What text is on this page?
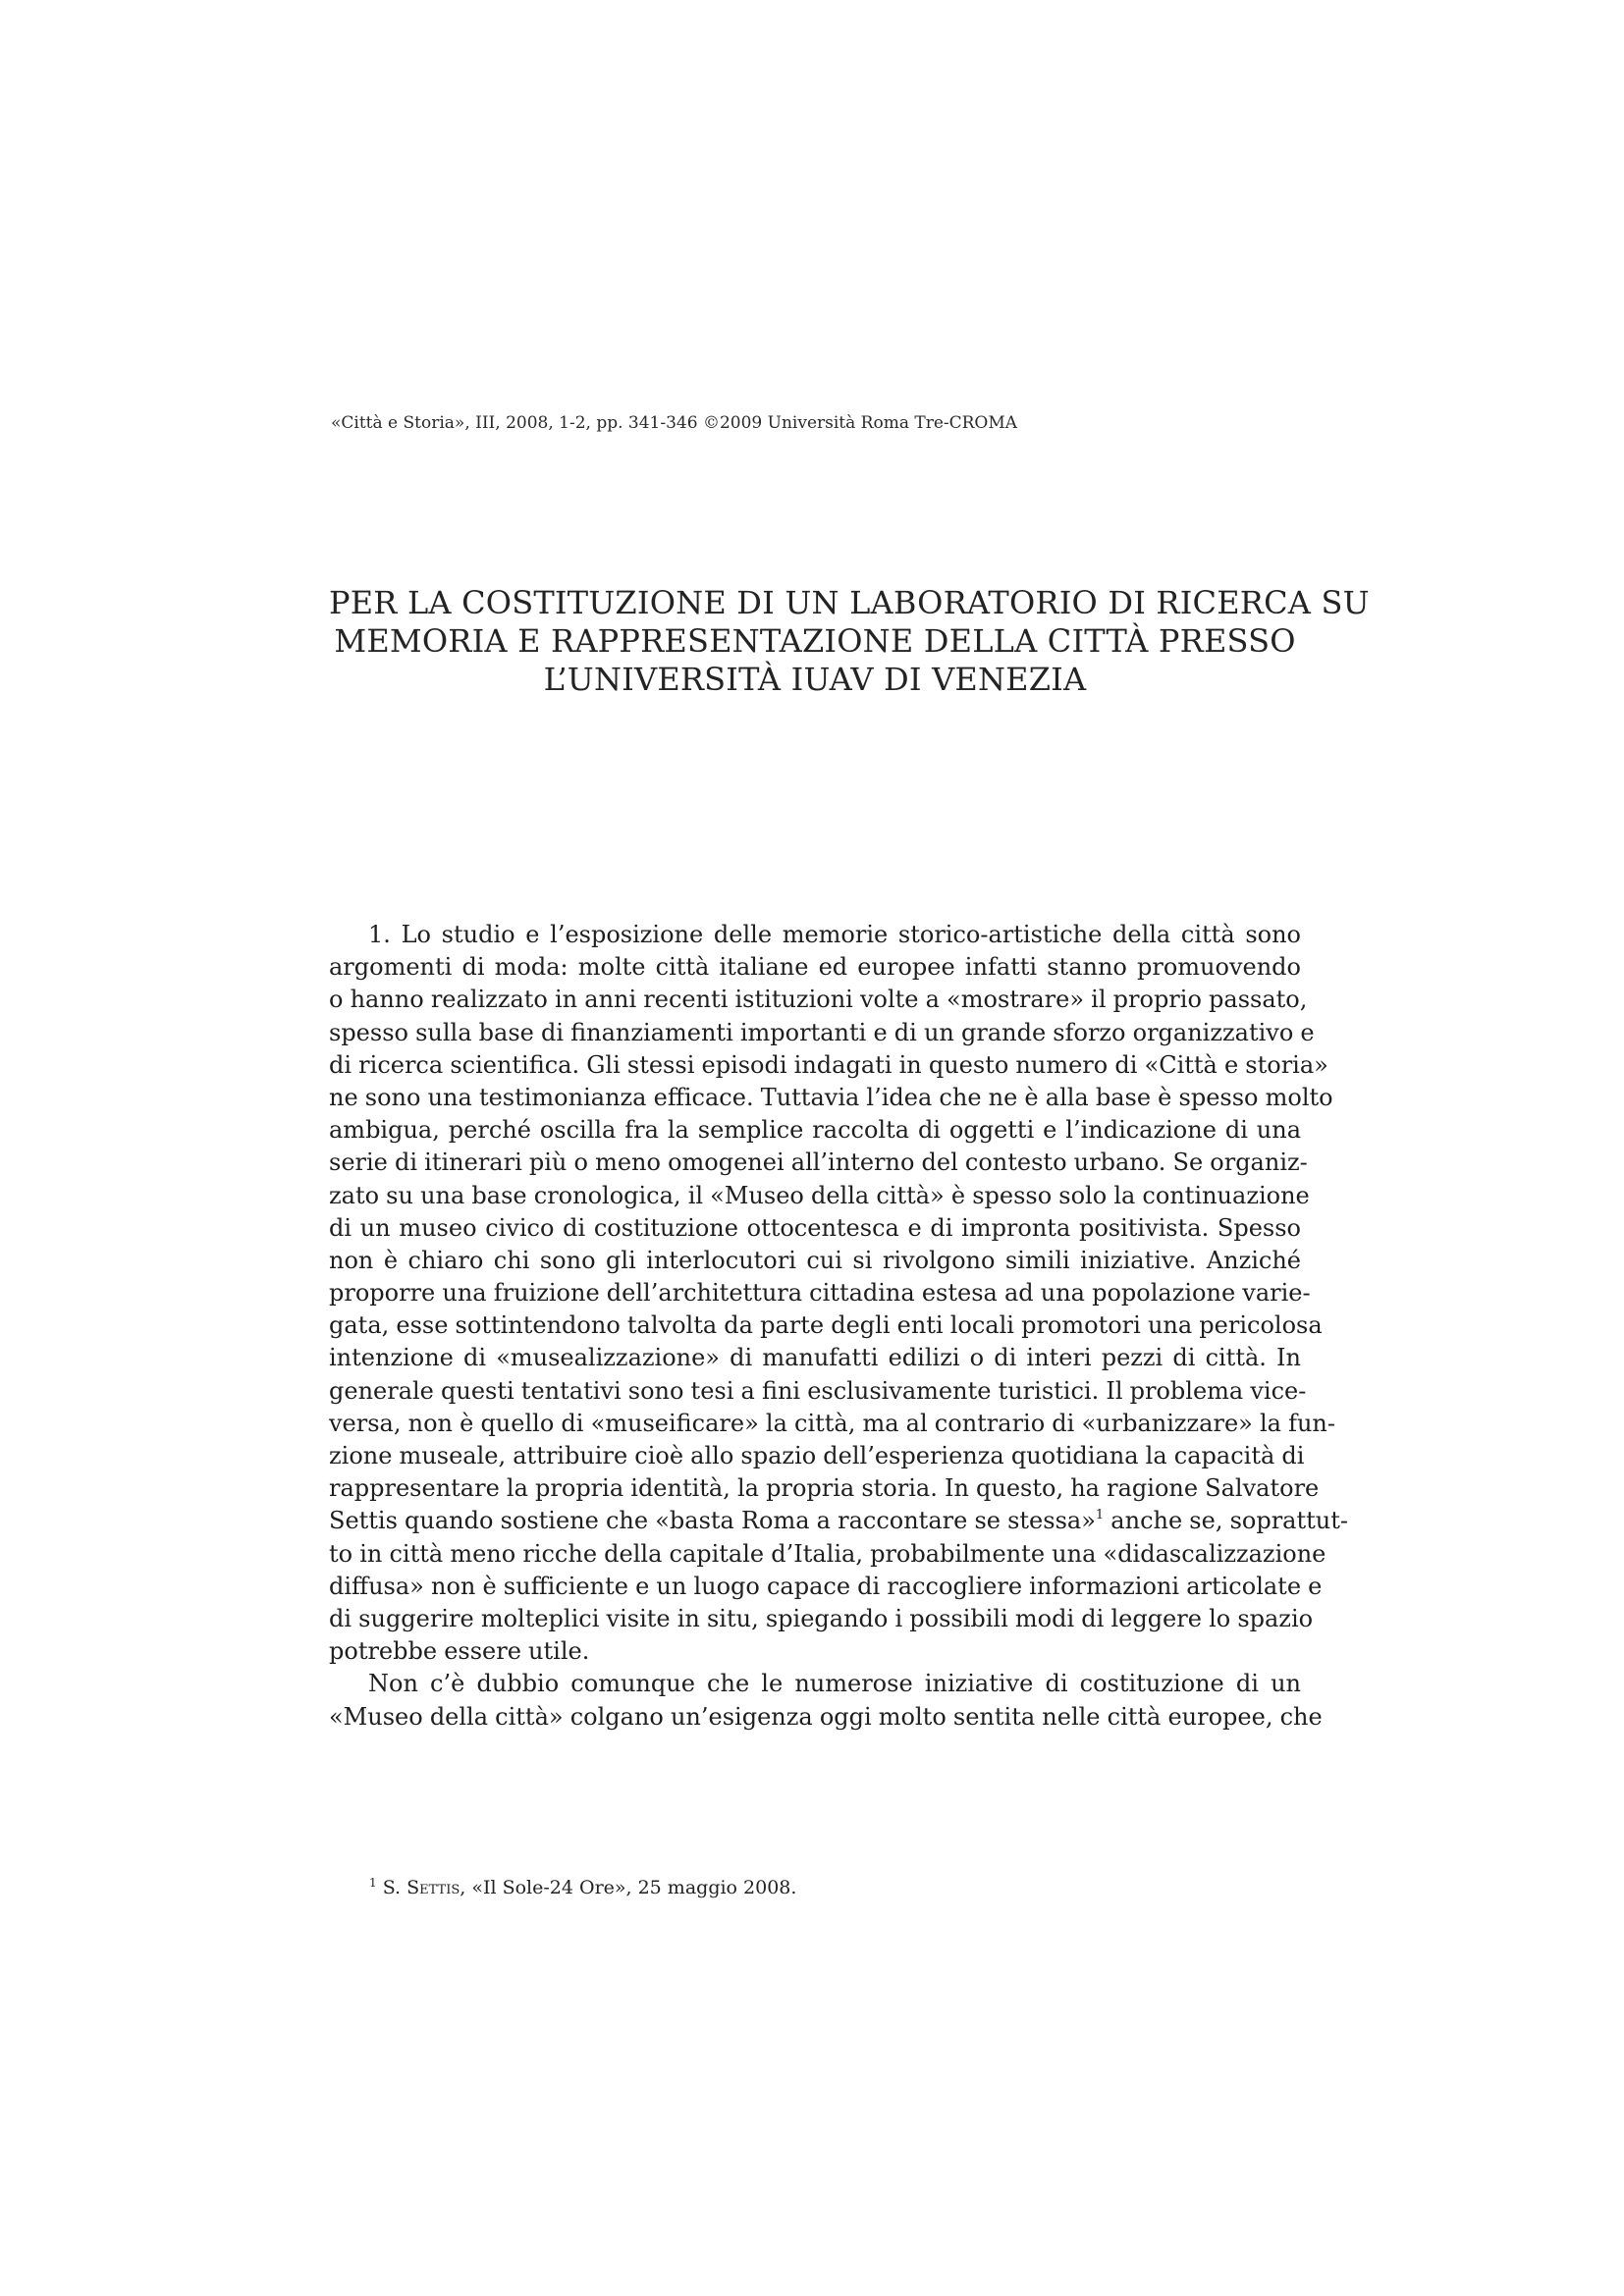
«Città e Storia», III, 2008, 1-2, pp. 341-346 ©2009 Università Roma Tre-CROMA
PER LA COSTITUZIONE DI UN LABORATORIO DI RICERCA SU
MEMORIA E RAPPRESENTAZIONE DELLA CITTÀ PRESSO
L’UNIVERSITÀ IUAV DI VENEZIA
1. Lo studio e l’esposizione delle memorie storico-artistiche della città sono
argomenti di moda: molte città italiane ed europee infatti stanno promuovendo
o hanno realizzato in anni recenti istituzioni volte a «mostrare» il proprio passato,
spesso sulla base di finanziamenti importanti e di un grande sforzo organizzativo e
di ricerca scientifica. Gli stessi episodi indagati in questo numero di «Città e storia»
ne sono una testimonianza efficace. Tuttavia l’idea che ne è alla base è spesso molto
ambigua, perché oscilla fra la semplice raccolta di oggetti e l’indicazione di una
serie di itinerari più o meno omogenei all’interno del contesto urbano. Se organiz-
zato su una base cronologica, il «Museo della città» è spesso solo la continuazione
di un museo civico di costituzione ottocentesca e di impronta positivista. Spesso
non è chiaro chi sono gli interlocutori cui si rivolgono simili iniziative. Anziché
proporre una fruizione dell’architettura cittadina estesa ad una popolazione varie-
gata, esse sottintendono talvolta da parte degli enti locali promotori una pericolosa
intenzione di «musealizzazione» di manufatti edilizi o di interi pezzi di città. In
generale questi tentativi sono tesi a fini esclusivamente turistici. Il problema vice-
versa, non è quello di «museificare» la città, ma al contrario di «urbanizzare» la fun-
zione museale, attribuire cioè allo spazio dell’esperienza quotidiana la capacità di
rappresentare la propria identità, la propria storia. In questo, ha ragione Salvatore
Settis quando sostiene che «basta Roma a raccontare se stessa»$^1$ anche se, soprattut-
to in città meno ricche della capitale d’Italia, probabilmente una «didascalizzazione
diffusa» non è sufficiente e un luogo capace di raccogliere informazioni articolate e
di suggerire molteplici visite in situ, spiegando i possibili modi di leggere lo spazio
potrebbe essere utile.
Non c’è dubbio comunque che le numerose iniziative di costituzione di un
«Museo della città» colgano un’esigenza oggi molto sentita nelle città europee, che
$^1$ S. Settis, «Il Sole-24 Ore», 25 maggio 2008.
